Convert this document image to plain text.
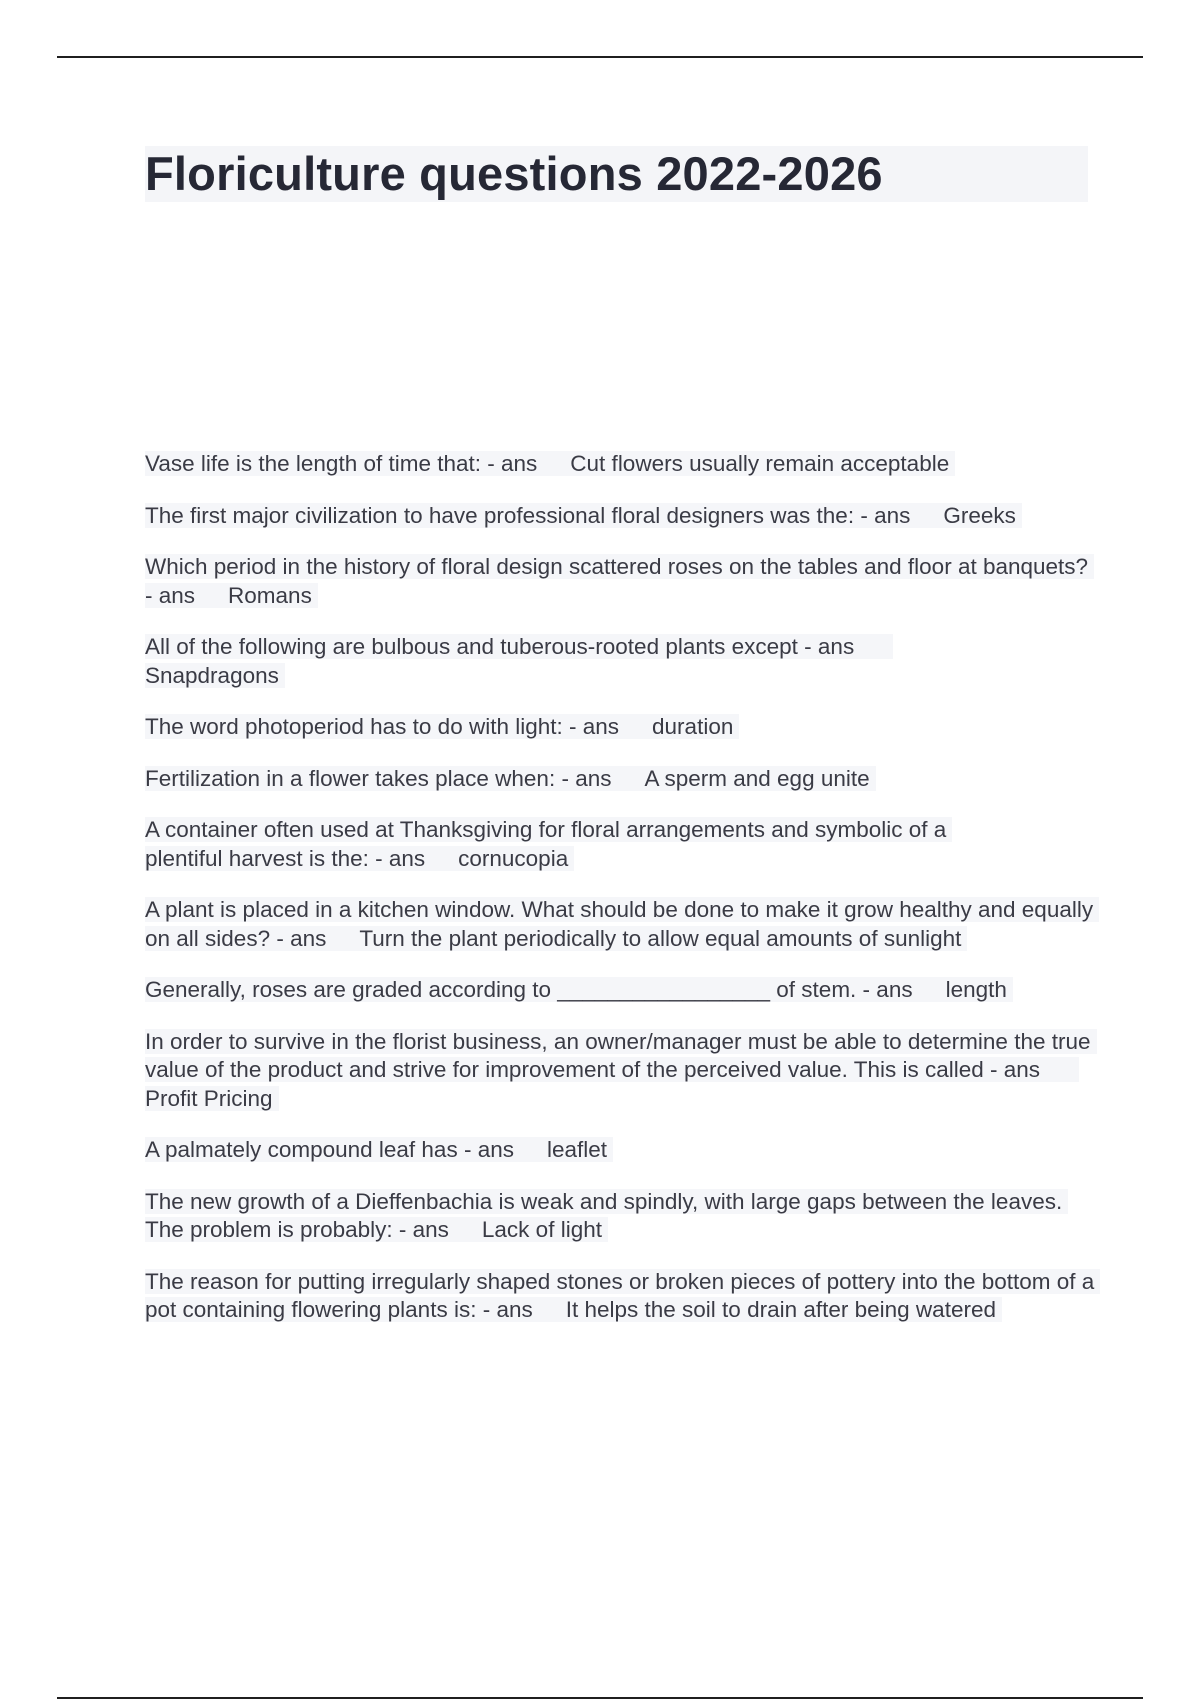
Floriculture questions 2022-2026

Vase life is the length of time that: - ans Cut flowers usually remain acceptable

The first major civilization to have professional floral designers was the: - ans Greeks

Which period in the history of floral design scattered roses on the tables and floor at banquets? - ans Romans

All of the following are bulbous and tuberous-rooted plants except - ansSnapdragons

The word photoperiod has to do with light: - ans duration

Fertilization in a flower takes place when: - ans A sperm and egg unite

A container often used at Thanksgiving for floral arrangements and symbolic of a plentiful harvest is the: - ans cornucopia

A plant is placed in a kitchen window. What should be done to make it grow healthy and equally on all sides? - ans Turn the plant periodically to allow equal amounts of sunlight

Generally, roses are graded according to _________________ of stem. - ans length

In order to survive in the florist business, an owner/manager must be able to determine the true value of the product and strive for improvement of the perceived value. This is called - ansProfit Pricing

A palmately compound leaf has - ans leaflet

The new growth of a Dieffenbachia is weak and spindly, with large gaps between the leaves. The problem is probably: - ans Lack of light

The reason for putting irregularly shaped stones or broken pieces of pottery into the bottom of a pot containing flowering plants is: - ans It helps the soil to drain after being watered
